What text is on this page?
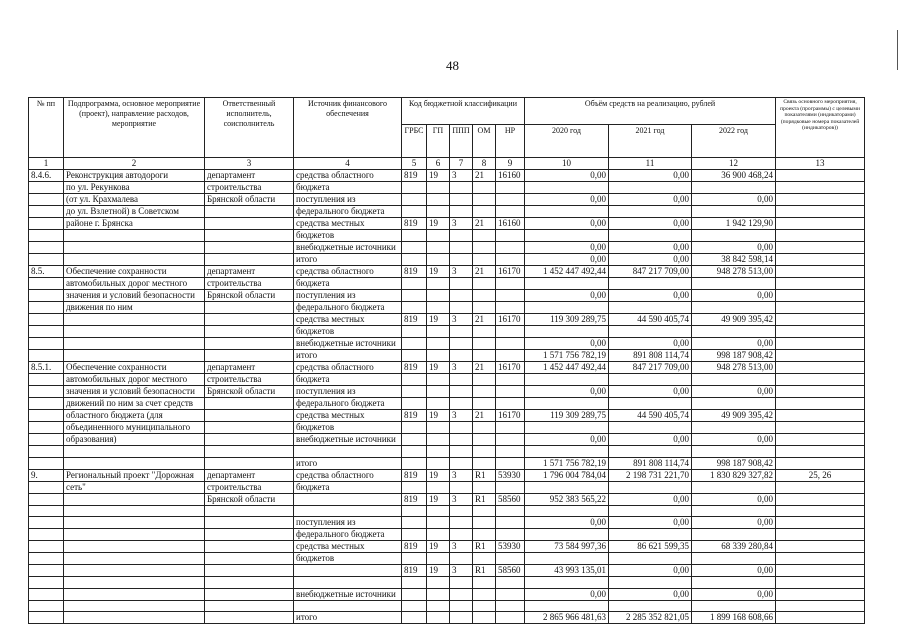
48
№ пп	Подпрограмма, основное мероприятие (проект), направление расходов, мероприятие	Ответственный исполнитель, соисполнитель	Источник финансового обеспечения	Код бюджетной классификации					Объём средств на реализацию, рублей			Связь основного мероприятия, проекта (программы) с целевыми показателями (индикаторами) (порядковые номера показателей (индикаторов))
				ГРБС	ГП	ППП	ОМ	НР	2020 год	2021 год	2022 год	
1	2	3	4	5	6	7	8	9	10	11	12	13
8.4.6.	Реконструкция автодороги	департамент	средства областного	819	19	3	21	16160	0,00	0,00	36 900 468,24	
	по ул. Рекункова	строительства	бюджета									
	(от ул. Крахмалева	Брянской области	поступления из						0,00	0,00	0,00	
	до ул. Взлетной) в Советском		федерального бюджета									
	районе г. Брянска		средства местных	819	19	3	21	16160	0,00	0,00	1 942 129,90	
			бюджетов									
			внебюджетные источники						0,00	0,00	0,00	
			итого						0,00	0,00	38 842 598,14	
8.5.	Обеспечение сохранности	департамент	средства областного	819	19	3	21	16170	1 452 447 492,44	847 217 709,00	948 278 513,00	
	автомобильных дорог местного	строительства	бюджета									
	значения и условий безопасности	Брянской области	поступления из						0,00	0,00	0,00	
	движения по ним		федерального бюджета									
			средства местных	819	19	3	21	16170	119 309 289,75	44 590 405,74	49 909 395,42	
			бюджетов									
			внебюджетные источники						0,00	0,00	0,00	
			итого						1 571 756 782,19	891 808 114,74	998 187 908,42	
8.5.1.	Обеспечение сохранности	департамент	средства областного	819	19	3	21	16170	1 452 447 492,44	847 217 709,00	948 278 513,00	
	автомобильных дорог местного	строительства	бюджета									
	значения и условий безопасности	Брянской области	поступления из						0,00	0,00	0,00	
	движений по ним за счет средств		федерального бюджета									
	областного бюджета (для		средства местных	819	19	3	21	16170	119 309 289,75	44 590 405,74	49 909 395,42	
	объединенного муниципального		бюджетов									
	образования)		внебюджетные источники						0,00	0,00	0,00	

			итого						1 571 756 782,19	891 808 114,74	998 187 908,42	
9.	Региональный проект "Дорожная	департамент	средства областного	819	19	3	R1	53930	1 796 004 784,04	2 198 731 221,70	1 830 829 327,82	25, 26
	сеть"	строительства	бюджета									
		Брянской области		819	19	3	R1	58560	952 383 565,22	0,00	0,00	

			поступления из						0,00	0,00	0,00	
			федерального бюджета									
			средства местных	819	19	3	R1	53930	73 584 997,36	86 621 599,35	68 339 280,84	
			бюджетов									
				819	19	3	R1	58560	43 993 135,01	0,00	0,00	

			внебюджетные источники						0,00	0,00	0,00	

			итого						2 865 966 481,63	2 285 352 821,05	1 899 168 608,66	
